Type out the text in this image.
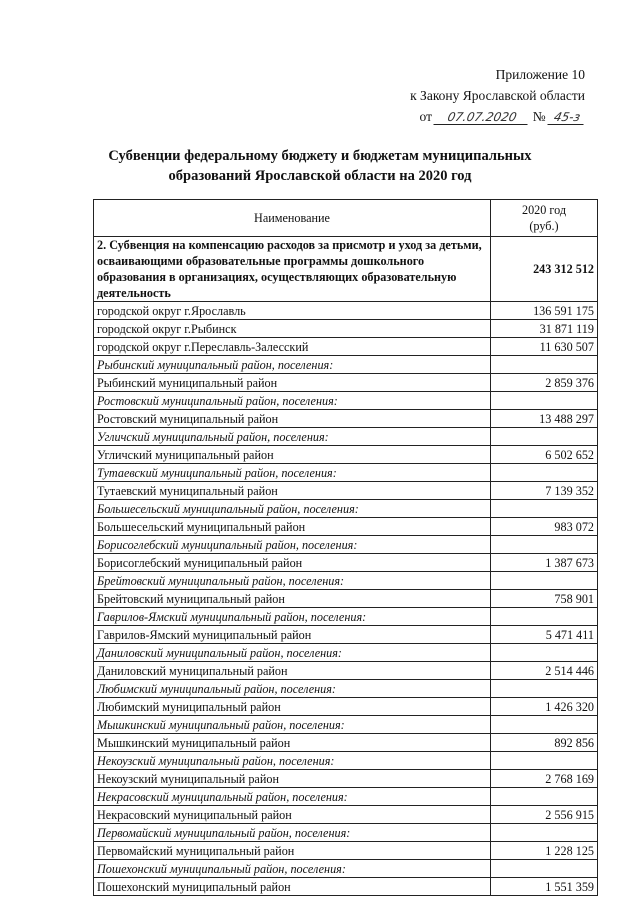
Приложение 10
к Закону Ярославской области
от 07.07.2020 № 45-з
Субвенции федеральному бюджету и бюджетам муниципальных
образований Ярославской области на 2020 год
Наименование	2020 год
(руб.)

2. Субвенция на компенсацию расходов за присмотр и уход за детьми, осваивающими образовательные программы дошкольного образования в организациях, осуществляющих образовательную деятельность	243 312 512
городской округ г.Ярославль	136 591 175
городской округ г.Рыбинск	31 871 119
городской округ г.Переславль-Залесский	11 630 507
Рыбинский муниципальный район, поселения:	
Рыбинский муниципальный район	2 859 376
Ростовский муниципальный район, поселения:	
Ростовский муниципальный район	13 488 297
Угличский муниципальный район, поселения:	
Угличский муниципальный район	6 502 652
Тутаевский муниципальный район, поселения:	
Тутаевский муниципальный район	7 139 352
Большесельский муниципальный район, поселения:	
Большесельский муниципальный район	983 072
Борисоглебский муниципальный район, поселения:	
Борисоглебский муниципальный район	1 387 673
Брейтовский муниципальный район, поселения:	
Брейтовский муниципальный район	758 901
Гаврилов-Ямский муниципальный район, поселения:	
Гаврилов-Ямский муниципальный район	5 471 411
Даниловский муниципальный район, поселения:	
Даниловский муниципальный район	2 514 446
Любимский муниципальный район, поселения:	
Любимский муниципальный район	1 426 320
Мышкинский муниципальный район, поселения:	
Мышкинский муниципальный район	892 856
Некоузский муниципальный район, поселения:	
Некоузский муниципальный район	2 768 169
Некрасовский муниципальный район, поселения:	
Некрасовский муниципальный район	2 556 915
Первомайский муниципальный район, поселения:	
Первомайский муниципальный район	1 228 125
Пошехонский муниципальный район, поселения:	
Пошехонский муниципальный район	1 551 359
